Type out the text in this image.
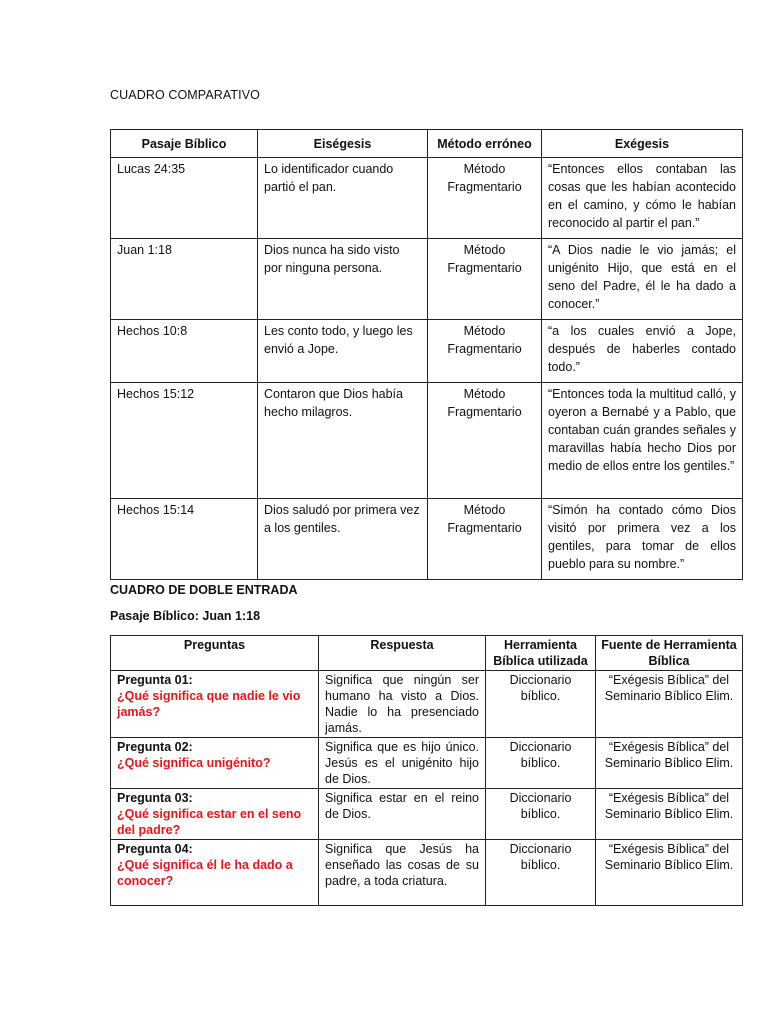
CUADRO COMPARATIVO
Pasaje Bíblico	Eiségesis	Método erróneo	Exégesis
Lucas 24:35	Lo identificador cuando partió el pan.	Método Fragmentario	“Entonces ellos contaban las cosas que les habían acontecido en el camino, y cómo le habían reconocido al partir el pan.”
Juan 1:18	Dios nunca ha sido visto por ninguna persona.	Método Fragmentario	“A Dios nadie le vio jamás; el unigénito Hijo, que está en el seno del Padre, él le ha dado a conocer.”
Hechos 10:8	Les conto todo, y luego les envió a Jope.	Método Fragmentario	“a los cuales envió a Jope, después de haberles contado todo.”
Hechos 15:12	Contaron que Dios había hecho milagros.	Método Fragmentario	“Entonces toda la multitud calló, y oyeron a Bernabé y a Pablo, que contaban cuán grandes señales y maravillas había hecho Dios por medio de ellos entre los gentiles.”
Hechos 15:14	Dios saludó por primera vez a los gentiles.	Método Fragmentario	“Simón ha contado cómo Dios visitó por primera vez a los gentiles, para tomar de ellos pueblo para su nombre.”
CUADRO DE DOBLE ENTRADA
Pasaje Bíblico: Juan 1:18
Preguntas	Respuesta	Herramienta Bíblica utilizada	Fuente de Herramienta Bíblica

Pregunta 01:
¿Qué significa que nadie le vio jamás?	Significa que ningún ser humano ha visto a Dios. Nadie lo ha presenciado jamás.	Diccionario bíblico.	“Exégesis Bíblica” del Seminario Bíblico Elim.

Pregunta 02:
¿Qué significa unigénito?	Significa que es hijo único. Jesús es el unigénito hijo de Dios.	Diccionario bíblico.	“Exégesis Bíblica” del Seminario Bíblico Elim.

Pregunta 03:
¿Qué significa estar en el seno del padre?	Significa estar en el reino de Dios.	Diccionario bíblico.	“Exégesis Bíblica” del Seminario Bíblico Elim.

Pregunta 04:
¿Qué significa él le ha dado a conocer?	Significa que Jesús ha enseñado las cosas de su padre, a toda criatura.	Diccionario bíblico.	“Exégesis Bíblica” del Seminario Bíblico Elim.
